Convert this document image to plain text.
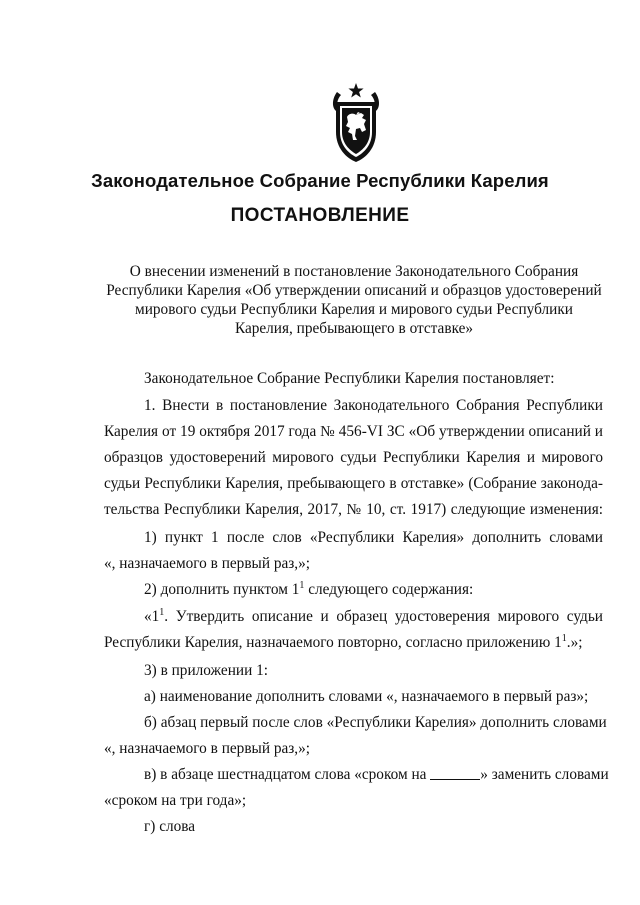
Законодательное Собрание Республики Карелия
ПОСТАНОВЛЕНИЕ
О внесении изменений в постановление Законодательного Собрания
Республики Карелия «Об утверждении описаний и образцов удостоверений
мирового судьи Республики Карелия и мирового судьи Республики
Карелия, пребывающего в отставке»
Законодательное Собрание Республики Карелия постановляет:
1. Внести в постановление Законодательного Собрания Республики
Карелия от 19 октября 2017 года № 456-VI ЗС «Об утверждении описаний и
образцов удостоверений мирового судьи Республики Карелия и мирового
судьи Республики Карелия, пребывающего в отставке» (Собрание законода-
тельства Республики Карелия, 2017, № 10, ст. 1917) следующие изменения:
1) пункт 1 после слов «Республики Карелия» дополнить словами
«, назначаемого в первый раз,»;
2) дополнить пунктом $1^1$ следующего содержания:
«$1^1$. Утвердить описание и образец удостоверения мирового судьи
Республики Карелия, назначаемого повторно, согласно приложению $1^1$.»;
3) в приложении 1:
а) наименование дополнить словами «, назначаемого в первый раз»;
б) абзац первый после слов «Республики Карелия» дополнить словами
«, назначаемого в первый раз,»;
в) в абзаце шестнадцатом слова «сроком на	» заменить словами
«сроком на три года»;
г) слова
